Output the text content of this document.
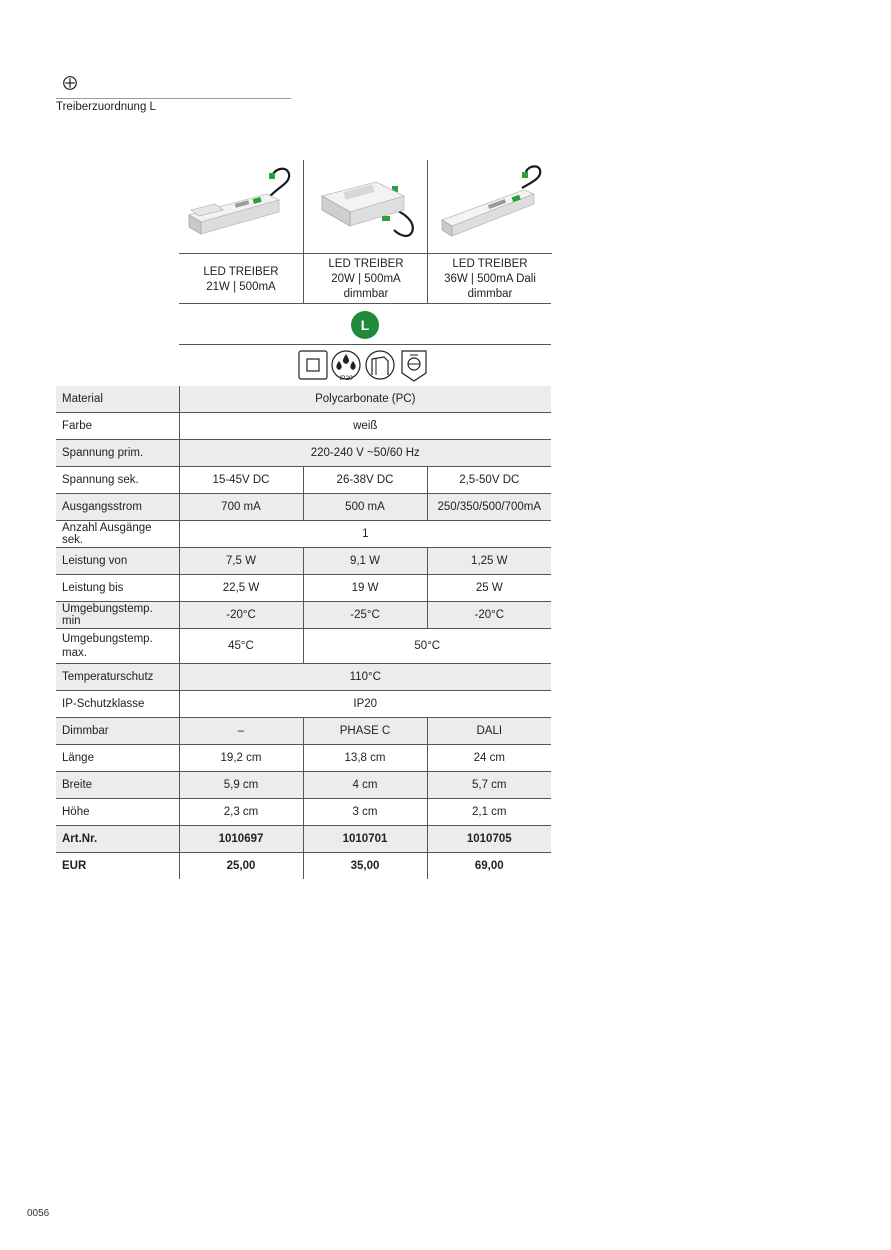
Treiberzuordnung L
LED TREIBER
21W | 500mA
LED TREIBER
20W | 500mA
dimmbar
LED TREIBER
36W | 500mA Dali
dimmbar
L
IP20
Material	Polycarbonate (PC)		
Farbe	weiß		
Spannung prim.	220-240 V ~50/60 Hz		
Spannung sek.	15-45V DC	26-38V DC	2,5-50V DC
Ausgangsstrom	700 mA	500 mA	250/350/500/700mA
Anzahl Ausgänge sek.	1		
Leistung von	7,5 W	9,1 W	1,25 W
Leistung bis	22,5 W	19 W	25 W
Umgebungstemp. min	-20°C	-25°C	-20°C
Umgebungstemp. max.	45°C	50°C	
Temperaturschutz	110°C		
IP-Schutzklasse	IP20		
Dimmbar	–	PHASE C	DALI
Länge	19,2 cm	13,8 cm	24 cm
Breite	5,9 cm	4 cm	5,7 cm
Höhe	2,3 cm	3 cm	2,1 cm
Art.Nr.	1010697	1010701	1010705
EUR	25,00	35,00	69,00
0056
